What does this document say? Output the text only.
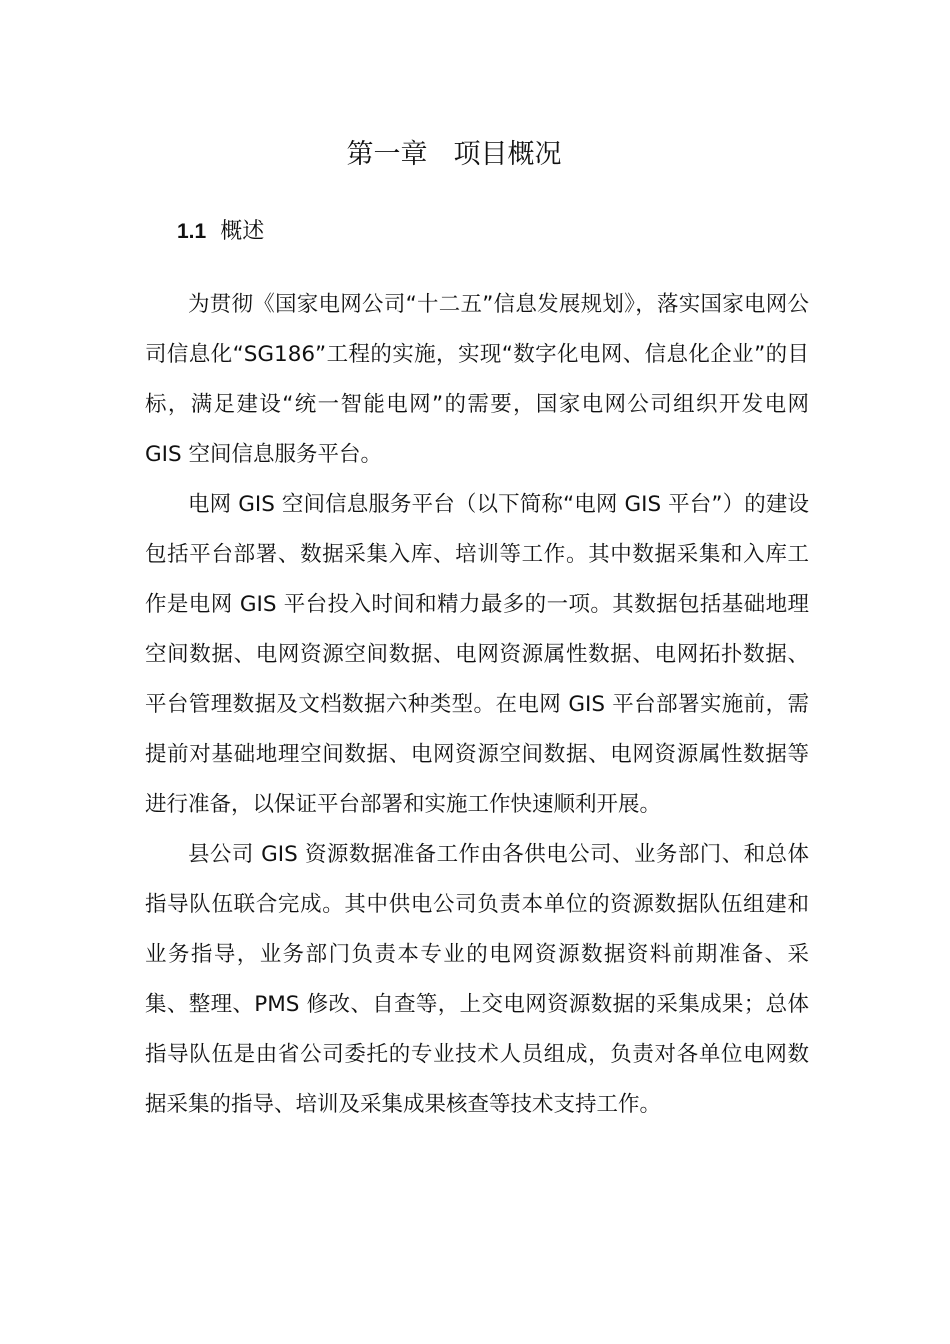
第一章 项目概况
1.1 概述

为贯彻《国家电网公司“十二五”信息发展规划》，落实国家电网公司信息化“SG186”工程的实施，实现“数字化电网、信息化企业”的目标，满足建设“统一智能电网”的需要，国家电网公司组织开发电网 GIS 空间信息服务平台。

电网 GIS 空间信息服务平台（以下简称“电网 GIS 平台”）的建设包括平台部署、数据采集入库、培训等工作。其中数据采集和入库工作是电网 GIS 平台投入时间和精力最多的一项。其数据包括基础地理空间数据、电网资源空间数据、电网资源属性数据、电网拓扑数据、平台管理数据及文档数据六种类型。在电网 GIS 平台部署实施前，需提前对基础地理空间数据、电网资源空间数据、电网资源属性数据等进行准备，以保证平台部署和实施工作快速顺利开展。

县公司 GIS 资源数据准备工作由各供电公司、业务部门、和总体指导队伍联合完成。其中供电公司负责本单位的资源数据队伍组建和业务指导，业务部门负责本专业的电网资源数据资料前期准备、采集、整理、PMS 修改、自查等，上交电网资源数据的采集成果；总体指导队伍是由省公司委托的专业技术人员组成，负责对各单位电网数据采集的指导、培训及采集成果核查等技术支持工作。
